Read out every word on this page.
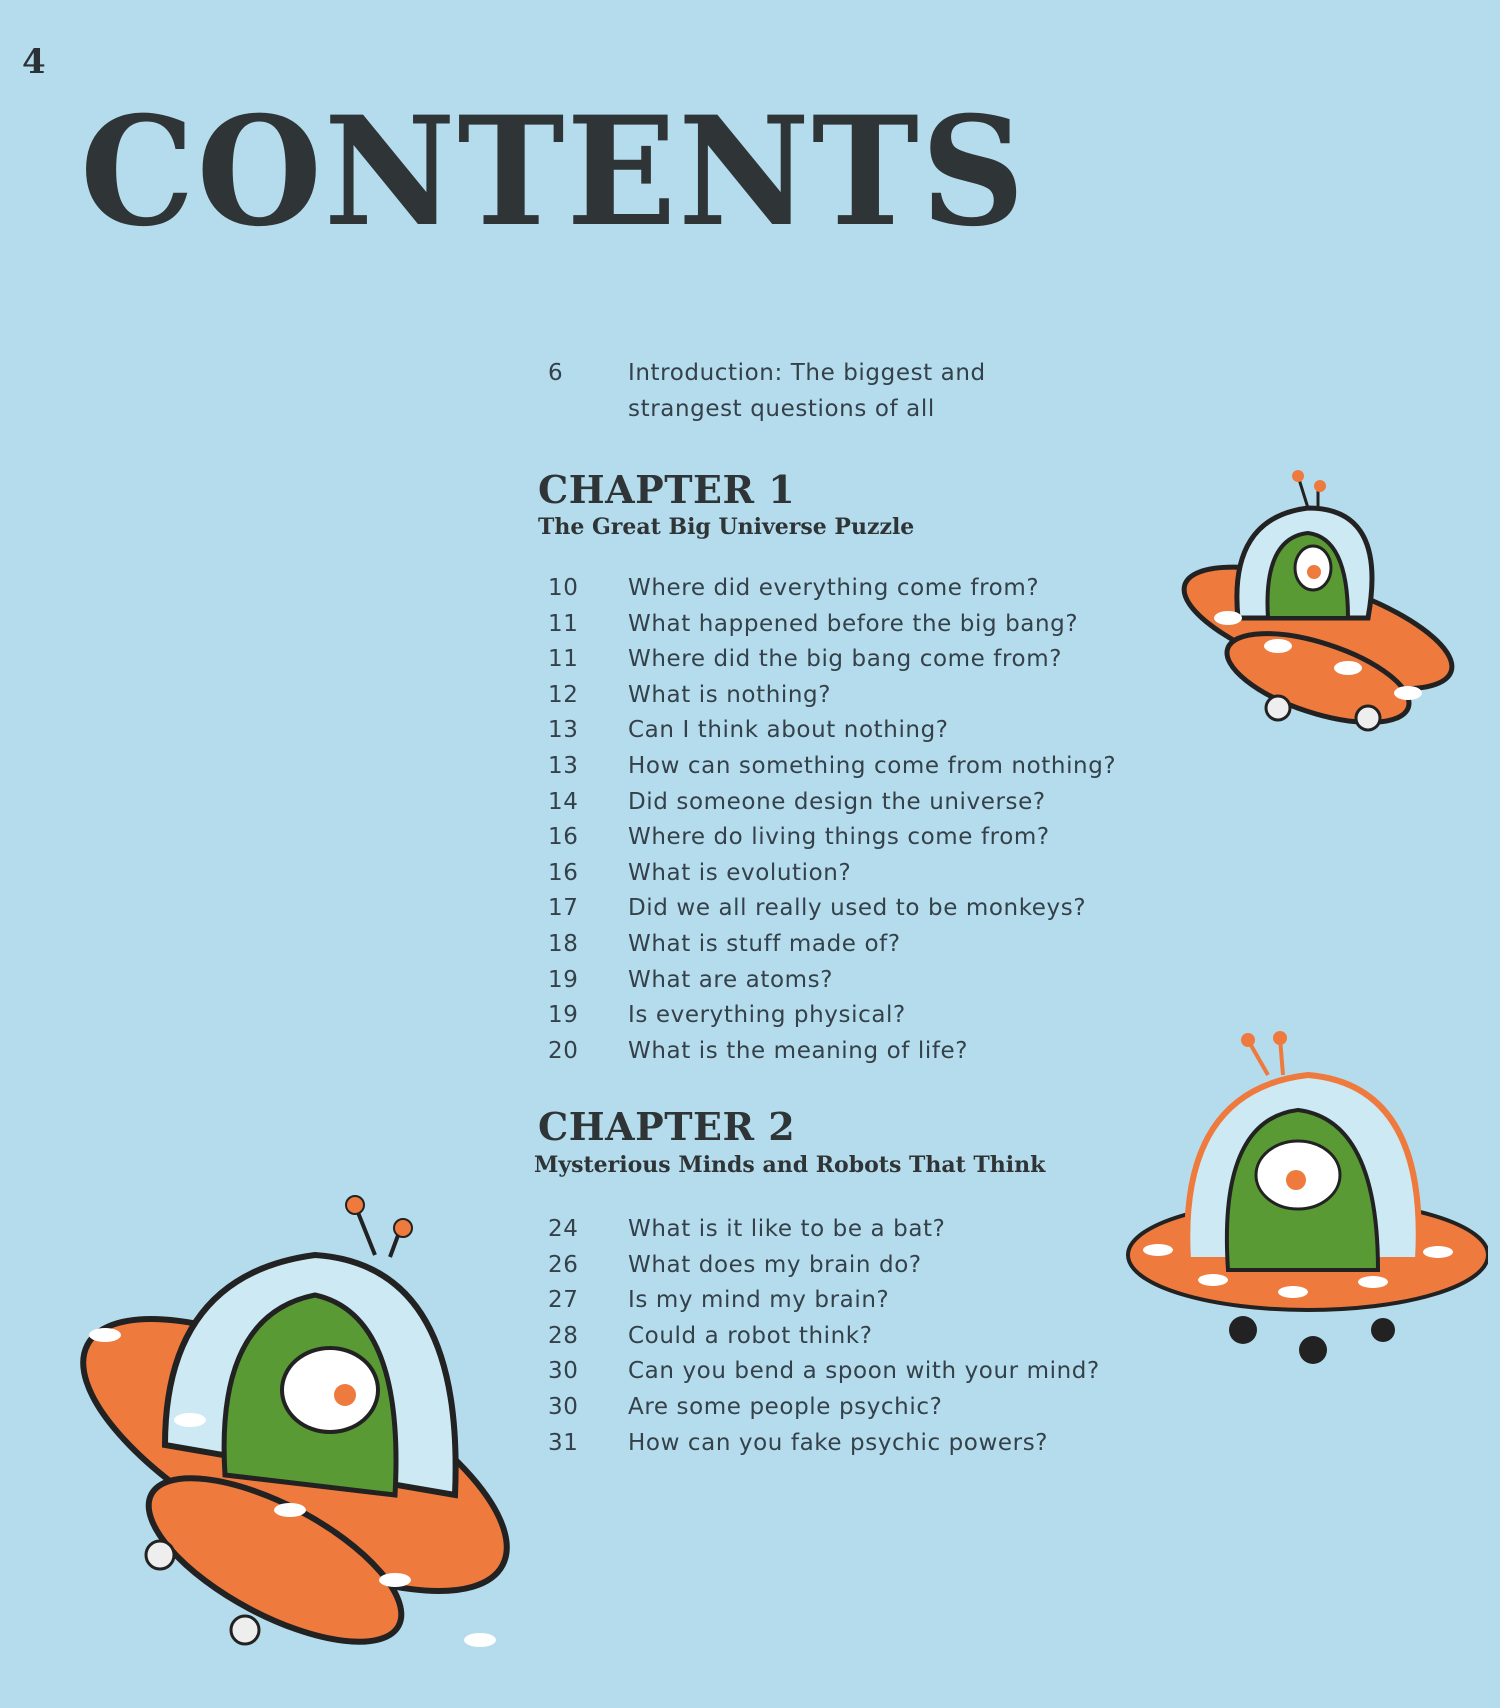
4
CONTENTS
6	Introduction: The biggest and
strangest questions of all
CHAPTER 1
The Great Big Universe Puzzle
10	Where did everything come from?
11	What happened before the big bang?
11	Where did the big bang come from?
12	What is nothing?
13	Can I think about nothing?
13	How can something come from nothing?
14	Did someone design the universe?
16	Where do living things come from?
16	What is evolution?
17	Did we all really used to be monkeys?
18	What is stuff made of?
19	What are atoms?
19	Is everything physical?
20	What is the meaning of life?
CHAPTER 2
Mysterious Minds and Robots That Think
24	What is it like to be a bat?
26	What does my brain do?
27	Is my mind my brain?
28	Could a robot think?
30	Can you bend a spoon with your mind?
30	Are some people psychic?
31	How can you fake psychic powers?
